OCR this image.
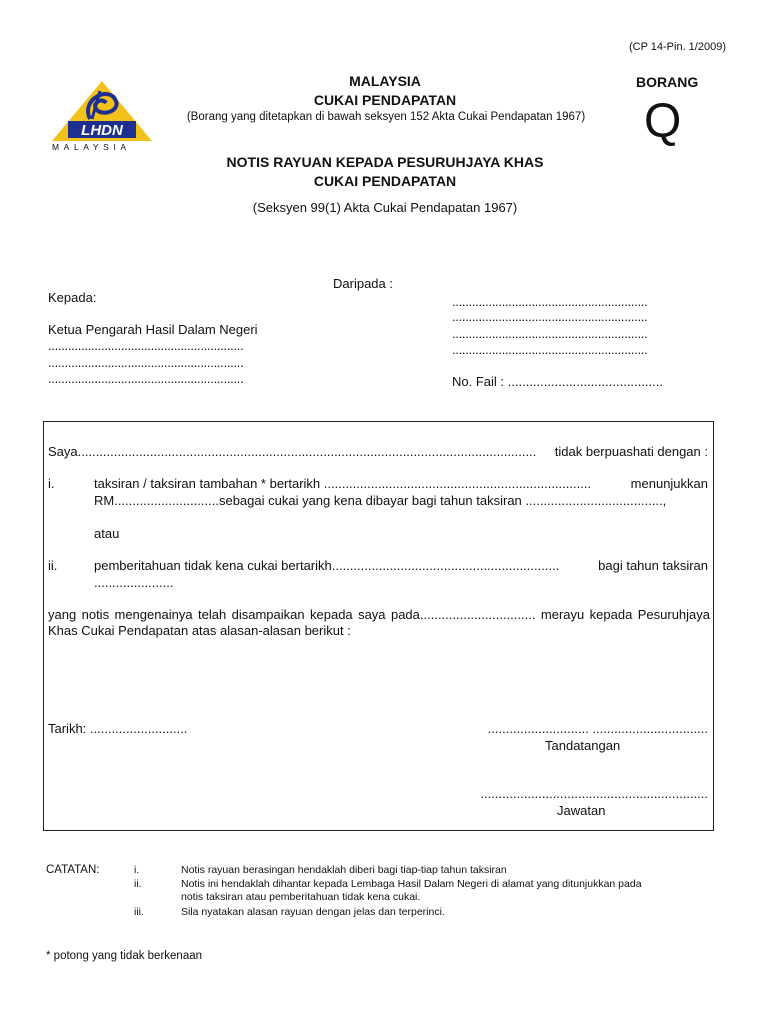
(CP 14-Pin. 1/2009)
LHDN
MALAYSIA
MALAYSIA
CUKAI PENDAPATAN
(Borang yang ditetapkan di bawah seksyen 152 Akta Cukai Pendapatan 1967)
NOTIS RAYUAN KEPADA PESURUHJAYA KHAS
CUKAI PENDAPATAN
(Seksyen 99(1) Akta Cukai Pendapatan 1967)
BORANG
Q
Daripada :
...........................................................
...........................................................
...........................................................
...........................................................
No. Fail : ...........................................
Kepada:
Ketua Pengarah Hasil Dalam Negeri
...........................................................
...........................................................
...........................................................
Saya............................................................................................................................... tidak berpuashati dengan :
i.	taksiran / taksiran tambahan * bertarikh ..........................................................................	menunjukkan
RM.............................sebagai cukai yang kena dibayar bagi tahun taksiran ......................................,
atau
ii.	pemberitahuan tidak kena cukai bertarikh...............................................................	bagi tahun taksiran
......................
yang notis mengenainya telah disampaikan kepada saya pada................................ merayu kepada Pesuruhjaya Khas Cukai Pendapatan atas alasan-alasan berikut :
Tarikh: ...........................	............................ ................................
Tandatangan
...............................................................
Jawatan
CATATAN:	i.	Notis rayuan berasingan hendaklah diberi bagi tiap-tiap tahun taksiran
ii.	Notis ini hendaklah dihantar kepada Lembaga Hasil Dalam Negeri di alamat yang ditunjukkan pada
notis taksiran atau pemberitahuan tidak kena cukai.
iii.	Sila nyatakan alasan rayuan dengan jelas dan terperinci.
* potong yang tidak berkenaan
